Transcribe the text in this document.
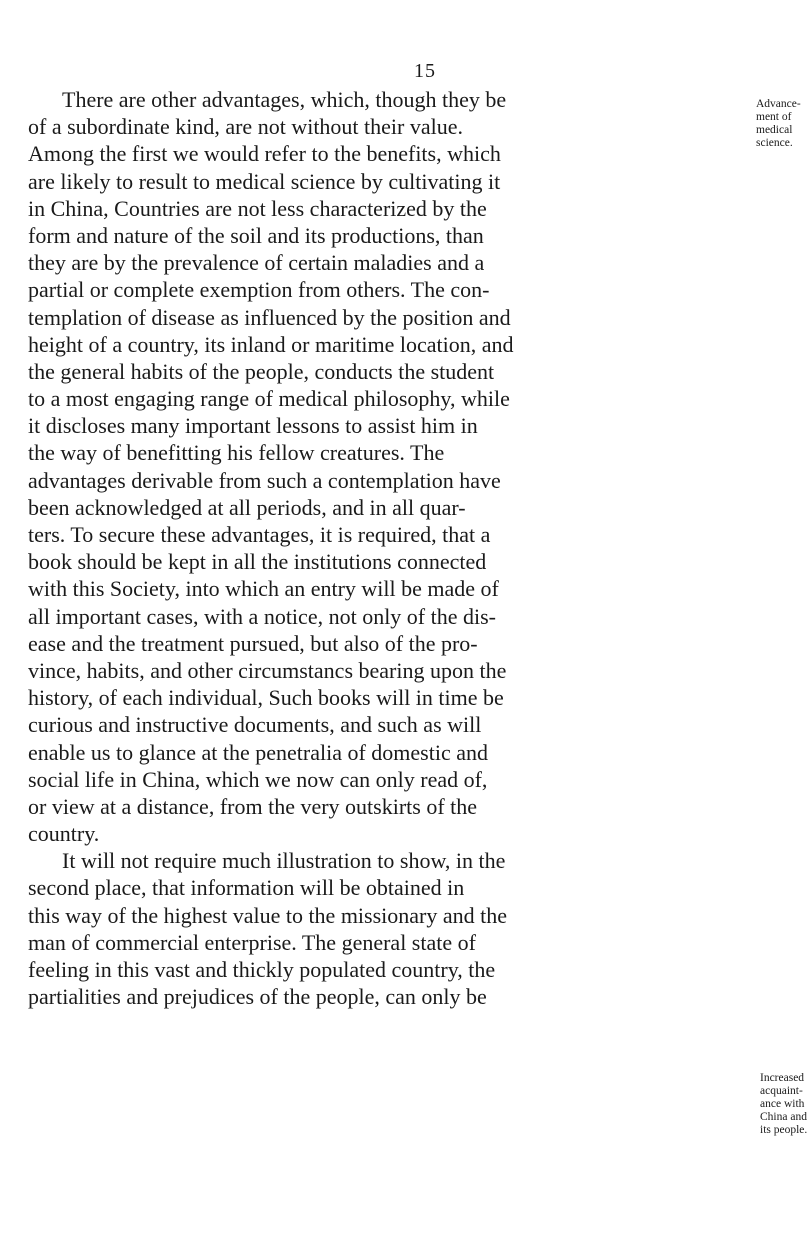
15
There are other advantages, which, though they be
of a subordinate kind, are not without their value.
Among the first we would refer to the benefits, which
are likely to result to medical science by cultivating it
in China, Countries are not less characterized by the
form and nature of the soil and its productions, than
they are by the prevalence of certain maladies and a
partial or complete exemption from others. The con-
templation of disease as influenced by the position and
height of a country, its inland or maritime location, and
the general habits of the people, conducts the student
to a most engaging range of medical philosophy, while
it discloses many important lessons to assist him in
the way of benefitting his fellow creatures. The
advantages derivable from such a contemplation have
been acknowledged at all periods, and in all quar-
ters. To secure these advantages, it is required, that a
book should be kept in all the institutions connected
with this Society, into which an entry will be made of
all important cases, with a notice, not only of the dis-
ease and the treatment pursued, but also of the pro-
vince, habits, and other circumstancs bearing upon the
history, of each individual, Such books will in time be
curious and instructive documents, and such as will
enable us to glance at the penetralia of domestic and
social life in China, which we now can only read of,
or view at a distance, from the very outskirts of the
country.
It will not require much illustration to show, in the
second place, that information will be obtained in
this way of the highest value to the missionary and the
man of commercial enterprise. The general state of
feeling in this vast and thickly populated country, the
partialities and prejudices of the people, can only be
Advance-
ment of
medical
science.
Increased
acquaint-
ance with
China and
its people.
